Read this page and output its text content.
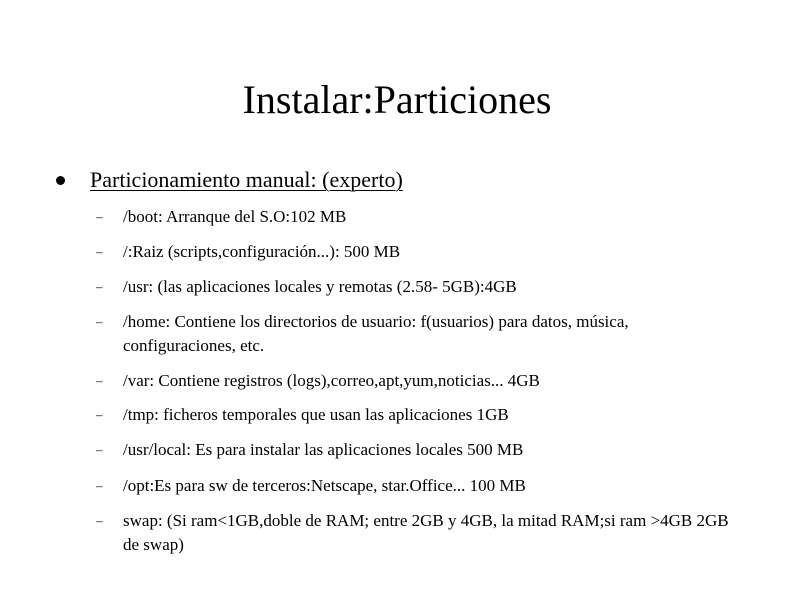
Instalar:Particiones
Particionamiento manual: (experto)
– /boot: Arranque del S.O:102 MB
– /:Raiz (scripts,configuración...): 500 MB
– /usr: (las aplicaciones locales y remotas (2.58- 5GB):4GB
– /home: Contiene los directorios de usuario: f(usuarios) para datos, música, configuraciones, etc.
– /var: Contiene registros (logs),correo,apt,yum,noticias... 4GB
– /tmp: ficheros temporales que usan las aplicaciones 1GB
– /usr/local: Es para instalar las aplicaciones locales 500 MB
– /opt:Es para sw de terceros:Netscape, star.Office... 100 MB
– swap: (Si ram<1GB,doble de RAM; entre 2GB y 4GB, la mitad RAM;si ram >4GB 2GB de swap)
